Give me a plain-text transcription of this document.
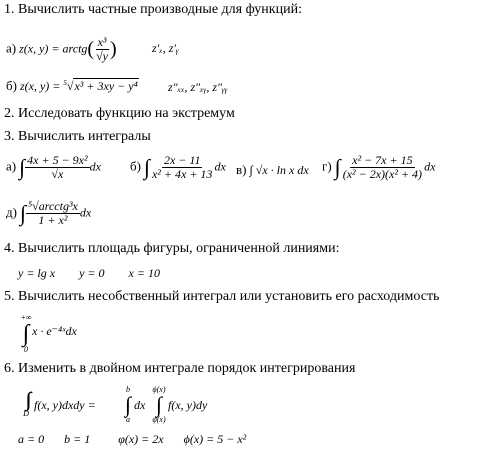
1. Вычислить частные производные для функций:
а) z(x, y) = arctg( $\frac{\text{x³}}{√y}$ )	z′ₓ, z′ᵧ
б) z(x, y) = $^5$√x³ + 3xy − y⁴	z″ₓₓ, z″ₓᵧ, z″ᵧᵧ
2. Исследовать функцию на экстремум
3. Вычислить интегралы
а) ∫ $\frac{\text{4x + 5 − 9x²}}{√x}$ dx б) ∫ $\frac{2x - 11}{\text{x² + 4x + 13}}$ dx в) ∫ √x · ln x dx г) ∫ $\frac{\text{x² − 7x + 15}}{\text{(x² − 2x)(x² + 4)}}$ dx
д) ∫ $\frac{\text{⁵√arcctg³x}}{\text{1 + x²}}$ dx
4. Вычислить площадь фигуры, ограниченной линиями:
y = lg x y = 0 x = 10
5. Вычислить несобственный интеграл или установить его расходимость
+∞
∫
0
x · e⁻⁴ˣdx
6. Изменить в двойном интеграле порядок интегрирования
D
f(x, y)dxdy =
b
∫
a
dx
ϕ(x)
∫
φ(x)
f(x, y)dy
a = 0 b = 1 φ(x) = 2x ϕ(x) = 5 − x²
